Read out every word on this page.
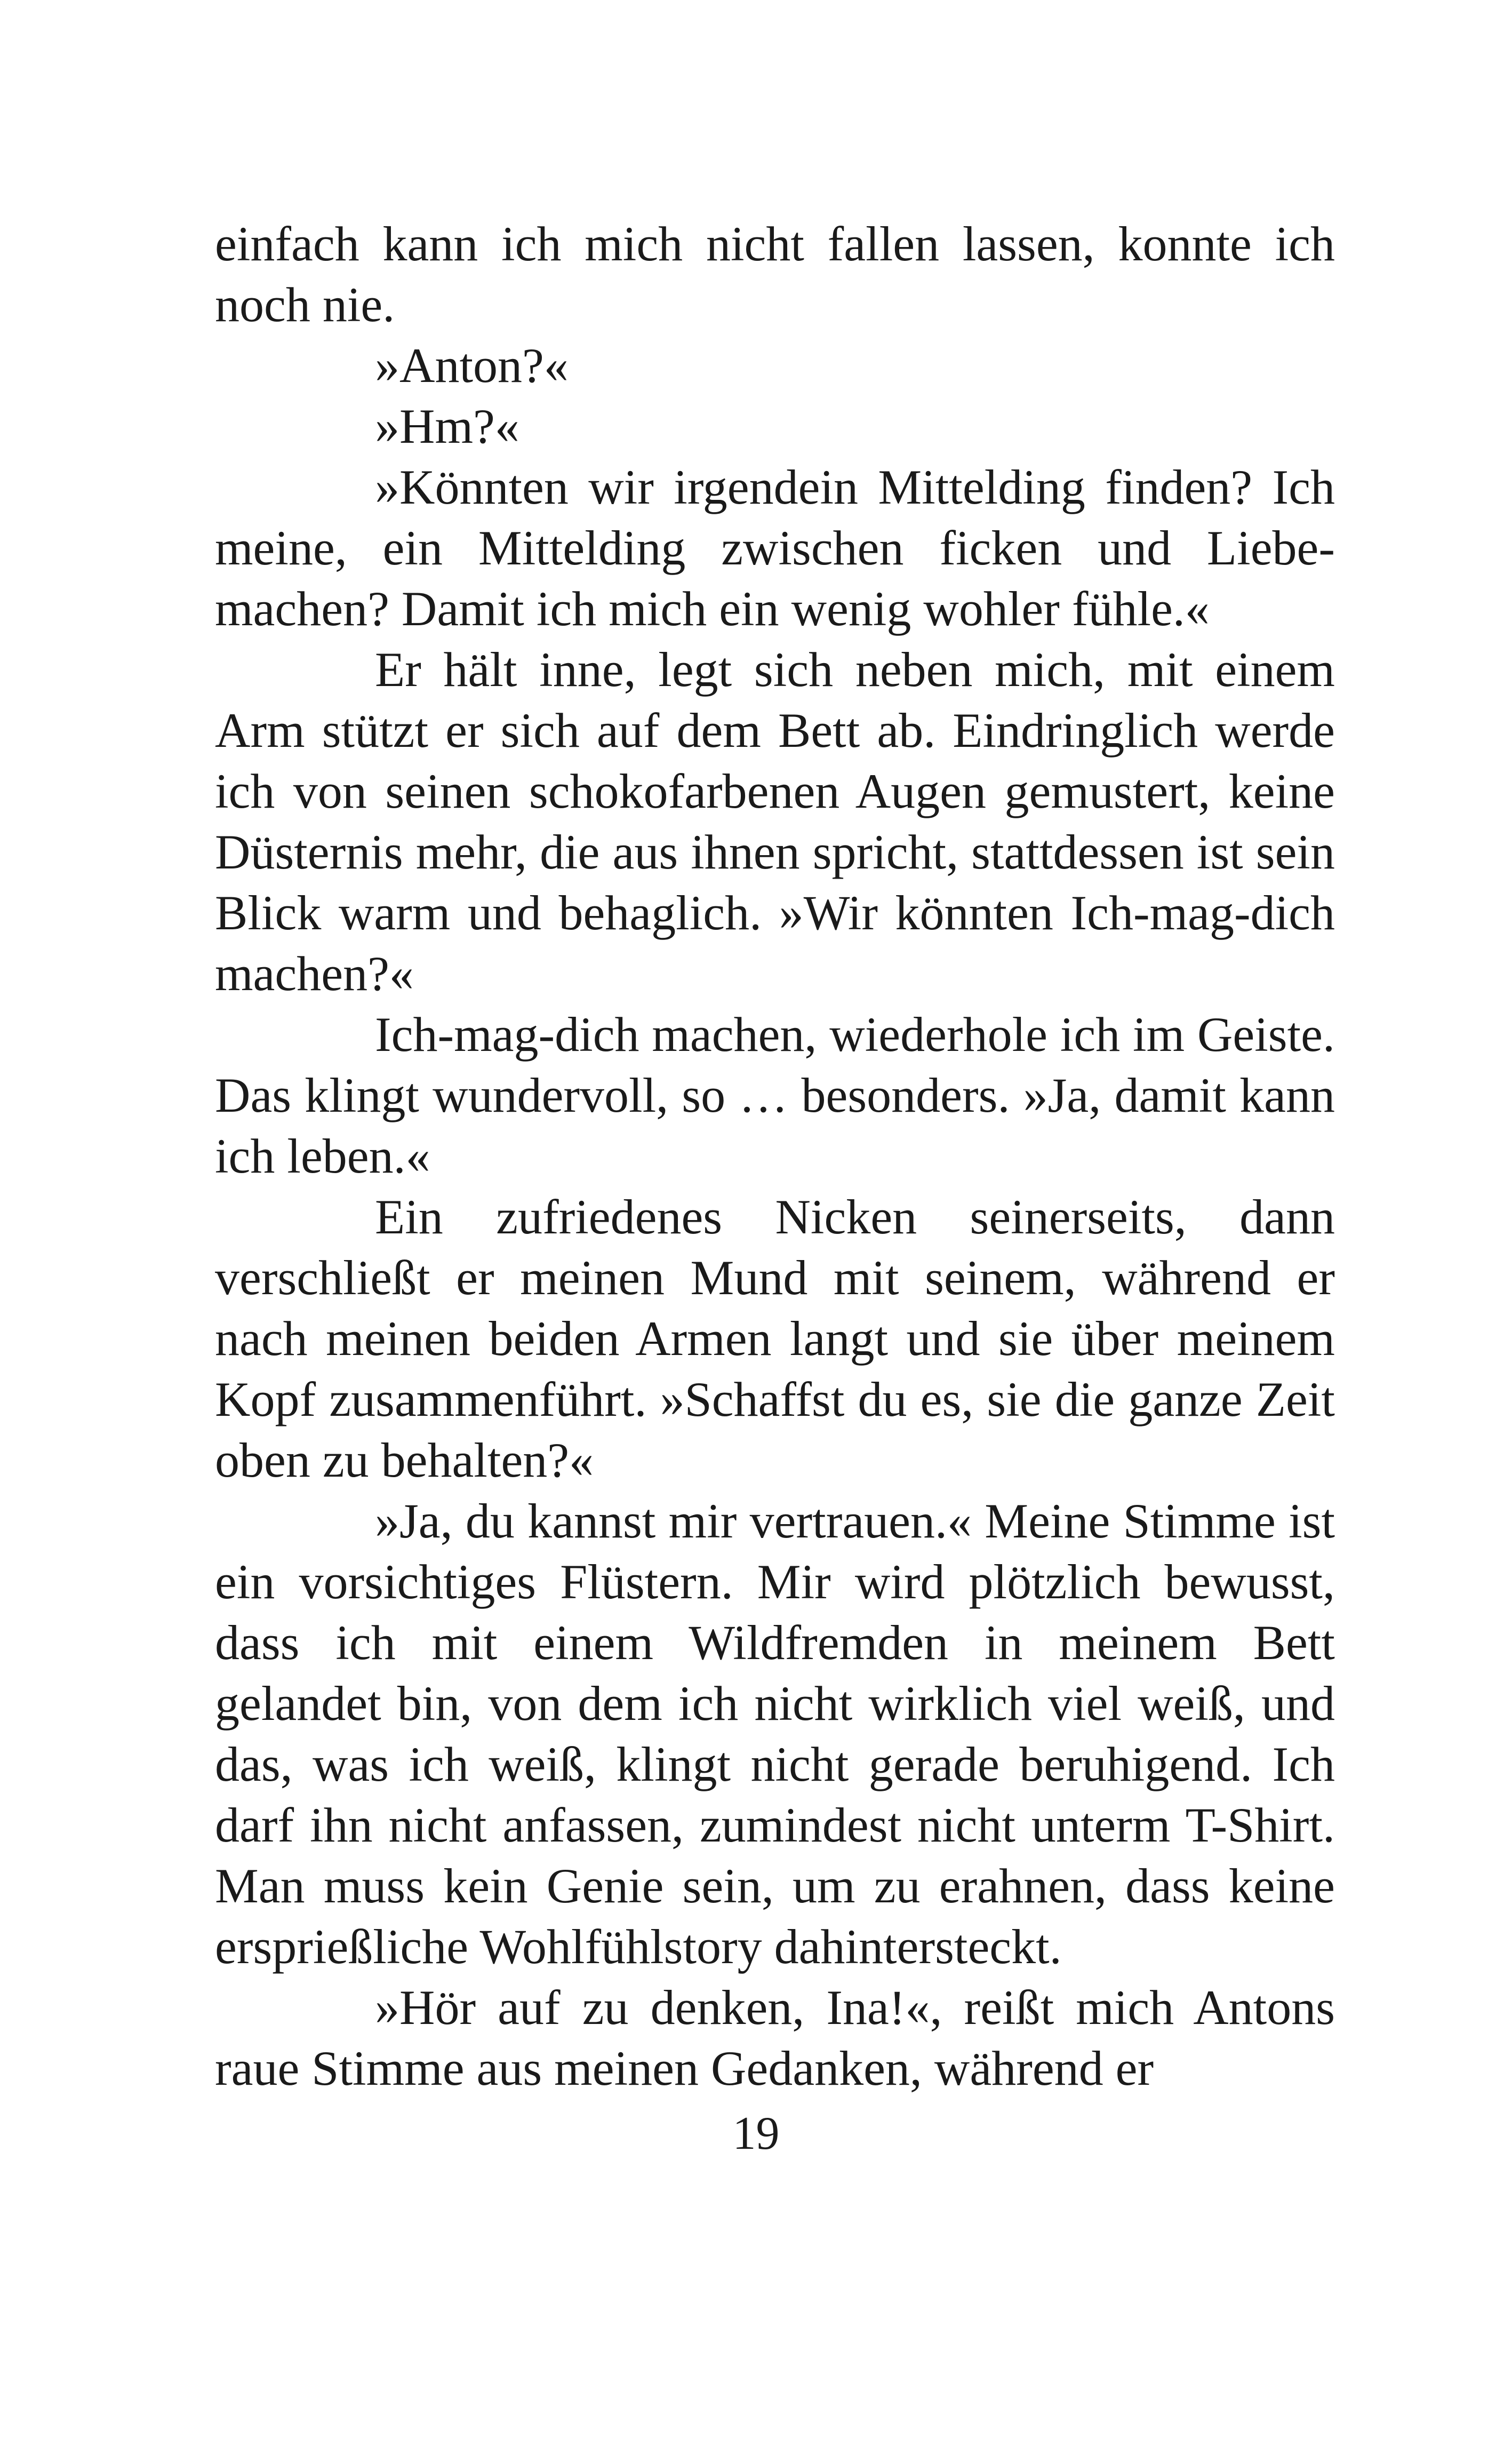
einfach kann ich mich nicht fallen lassen, konnte ich noch nie.

»Anton?«

»Hm?«

»Könnten wir irgendein Mittelding finden? Ich meine, ein Mittelding zwischen ficken und Liebemachen? Damit ich mich ein wenig wohler fühle.«

Er hält inne, legt sich neben mich, mit einem Arm stützt er sich auf dem Bett ab. Eindringlich werde ich von seinen schokofarbenen Augen gemustert, keine Düsternis mehr, die aus ihnen spricht, stattdessen ist sein Blick warm und behaglich. »Wir könnten Ich-mag-dich machen?«

Ich-mag-dich machen, wiederhole ich im Geiste. Das klingt wundervoll, so … besonders. »Ja, damit kann ich leben.«

Ein zufriedenes Nicken seinerseits, dann verschließt er meinen Mund mit seinem, während er nach meinen beiden Armen langt und sie über meinem Kopf zusammenführt. »Schaffst du es, sie die ganze Zeit oben zu behalten?«

»Ja, du kannst mir vertrauen.« Meine Stimme ist ein vorsichtiges Flüstern. Mir wird plötzlich bewusst, dass ich mit einem Wildfremden in meinem Bett gelandet bin, von dem ich nicht wirklich viel weiß, und das, was ich weiß, klingt nicht gerade beruhigend. Ich darf ihn nicht anfassen, zumindest nicht unterm T-Shirt. Man muss kein Genie sein, um zu erahnen, dass keine ersprießliche Wohlfühlstory dahintersteckt.

»Hör auf zu denken, Ina!«, reißt mich Antons raue Stimme aus meinen Gedanken, während er

19
